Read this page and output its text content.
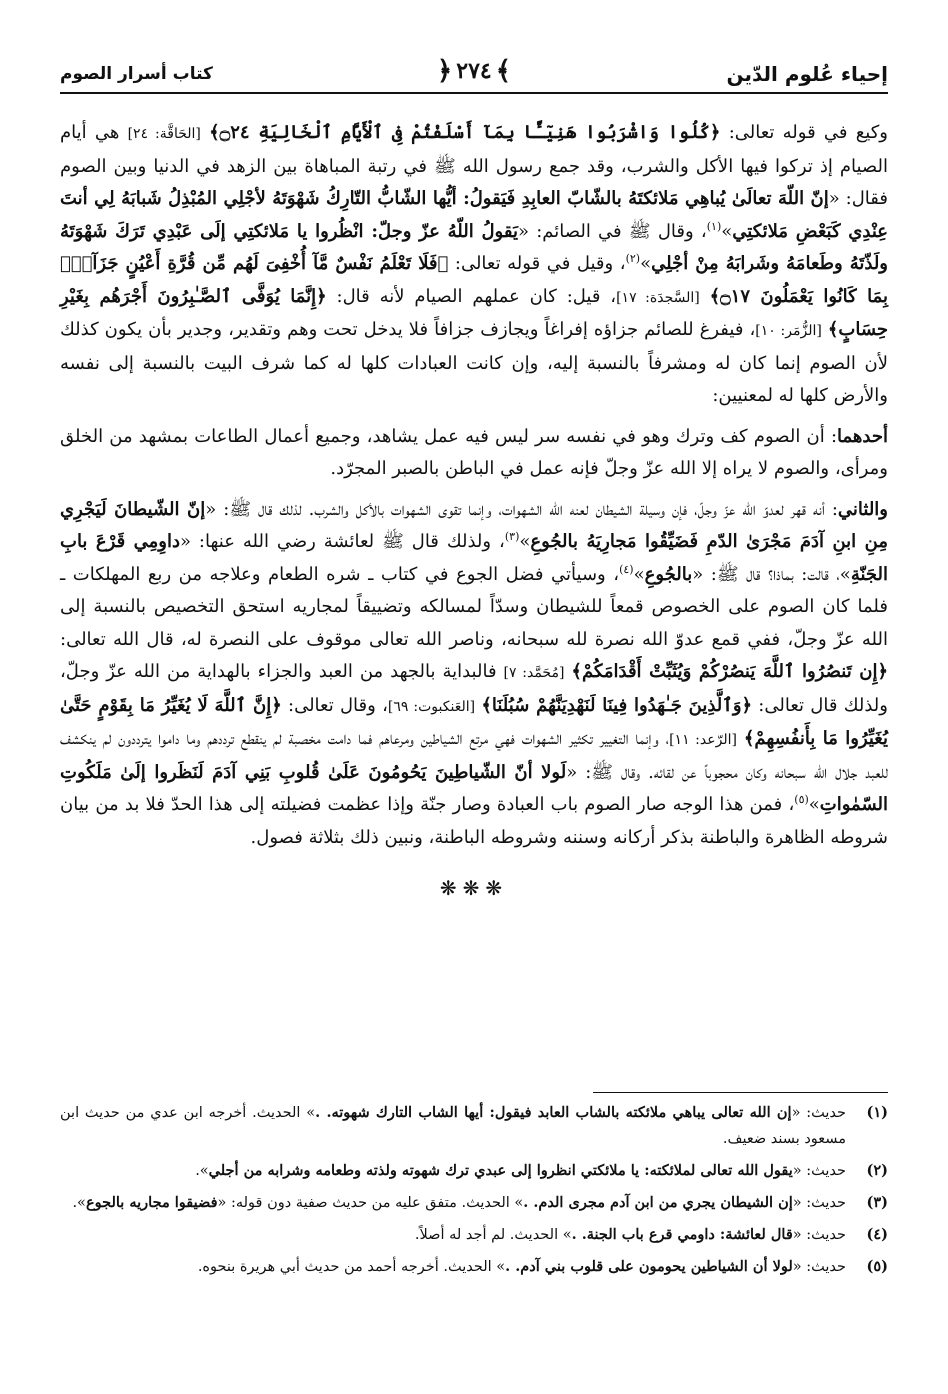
إحياء عُلوم الدّين
﴾
٢٧٤
﴿
كتاب أسرار الصوم

وكيع في قوله تعالى: ﴿كُلُوا وَاشْرَبُوا هَنِيٓـًٔا بِمَآ أَسْلَفْتُمْ فِى ٱلْأَيَّامِ ٱلْخَالِيَةِ ۝٢٤﴾ [الحَاقَّة: ٢٤] هي أيام الصيام إذ تركوا فيها الأكل والشرب، وقد جمع رسول الله ﷺ في رتبة المباهاة بين الزهد في الدنيا وبين الصوم فقال: «إنّ اللّهَ تعالَىٰ يُباهِي مَلائكتَهُ بالشّابّ العابِدِ فَيَقولُ: أيُّها الشّابُّ التّارِكُ شَهْوَتَهُ لأجْلِي المُبْذِلُ شَبابَهُ لِي أنتَ عِنْدِي كَبَعْضِ مَلائكتِي»$^{(١)}$، وقال ﷺ في الصائم: «يَقولُ اللّهُ عزّ وجلّ: انْظُروا يا مَلائكتِي إلَى عَبْدِي تَرَكَ شَهْوَتَهُ ولَذّتَهُ وطَعامَهُ وشَرابَهُ مِنْ أجْلِي»$^{(٢)}$، وقيل في قوله تعالى: ﴿فَلَا تَعْلَمُ نَفْسٌ مَّآ أُخْفِىَ لَهُم مِّن قُرَّةِ أَعْيُنٍ جَزَآءًۢ بِمَا كَانُوا يَعْمَلُونَ ۝١٧﴾ [السَّجدَة: ١٧]، قيل: كان عملهم الصيام لأنه قال: ﴿إِنَّمَا يُوَفَّى ٱلصَّـٰبِرُونَ أَجْرَهُم بِغَيْرِ حِسَابٍ﴾ [الزُّمَر: ١٠]، فيفرغ للصائم جزاؤه إفراغاً ويجازف جزافاً فلا يدخل تحت وهم وتقدير، وجدير بأن يكون كذلك لأن الصوم إنما كان له ومشرفاً بالنسبة إليه، وإن كانت العبادات كلها له كما شرف البيت بالنسبة إلى نفسه والأرض كلها له لمعنيين:

أحدهما: أن الصوم كف وترك وهو في نفسه سر ليس فيه عمل يشاهد، وجميع أعمال الطاعات بمشهد من الخلق ومرأى، والصوم لا يراه إلا الله عزّ وجلّ فإنه عمل في الباطن بالصبر المجرّد.

والثاني: أنه قهر لعدوّ الله عزّ وجلّ، فإن وسيلة الشيطان لعنه الله الشهوات، وإنما تقوى الشهوات بالأكل والشرب. لذلك قال ﷺ: «إنّ الشّيطانَ لَيَجْرِي مِنِ ابنِ آدَمَ مَجْرَىٰ الدّمِ فَضَيِّقُوا مَجارِيَهُ بالجُوعِ»$^{(٣)}$، ولذلك قال ﷺ لعائشة رضي الله عنها: «داوِمِي قَرْعَ بابِ الجَنّةِ»، قالت: بماذا؟ قال ﷺ: «بالجُوعِ»$^{(٤)}$، وسيأتي فضل الجوع في كتاب ـ شره الطعام وعلاجه من ربع المهلكات ـ فلما كان الصوم على الخصوص قمعاً للشيطان وسدّاً لمسالكه وتضييقاً لمجاريه استحق التخصيص بالنسبة إلى الله عزّ وجلّ، ففي قمع عدوّ الله نصرة لله سبحانه، وناصر الله تعالى موقوف على النصرة له، قال الله تعالى: ﴿إِن تَنصُرُوا ٱللَّهَ يَنصُرْكُمْ وَيُثَبِّتْ أَقْدَامَكُمْ﴾ [مُحَمَّد: ٧] فالبداية بالجهد من العبد والجزاء بالهداية من الله عزّ وجلّ، ولذلك قال تعالى: ﴿وَٱلَّذِينَ جَـٰهَدُوا فِينَا لَنَهْدِيَنَّهُمْ سُبُلَنَا﴾ [العَنكبوت: ٦٩]، وقال تعالى: ﴿إِنَّ ٱللَّهَ لَا يُغَيِّرُ مَا بِقَوْمٍ حَتَّىٰ يُغَيِّرُوا مَا بِأَنفُسِهِمْ﴾ [الرّعد: ١١]، وإنما التغيير تكثير الشهوات فهي مرتع الشياطين ومرعاهم فما دامت مخصبة لم ينقطع ترددهم وما داموا يترددون لم ينكشف للعبد جلال الله سبحانه وكان محجوباً عن لقائه. وقال ﷺ: «لَولا أنّ الشّياطِينَ يَحُومُونَ عَلَىٰ قُلوبِ بَنِي آدَمَ لَنَظَروا إلَىٰ مَلَكُوتِ السّمٰواتِ»$^{(٥)}$، فمن هذا الوجه صار الصوم باب العبادة وصار جنّة وإذا عظمت فضيلته إلى هذا الحدّ فلا بد من بيان شروطه الظاهرة والباطنة بذكر أركانه وسننه وشروطه الباطنة، ونبين ذلك بثلاثة فصول.

❋❋❋

(١)
حديث: «إن الله تعالى يباهي ملائكته بالشاب العابد فيقول: أيها الشاب التارك شهوته. .» الحديث. أخرجه ابن عدي من حديث ابن مسعود بسند ضعيف.
(٢)
حديث: «يقول الله تعالى لملائكته: يا ملائكتي انظروا إلى عبدي ترك شهوته ولذته وطعامه وشرابه من أجلي».
(٣)
حديث: «إن الشيطان يجري من ابن آدم مجرى الدم. .» الحديث. متفق عليه من حديث صفية دون قوله: «فضيقوا مجاريه بالجوع».
(٤)
حديث: «قال لعائشة: داومي قرع باب الجنة. .» الحديث. لم أجد له أصلاً.
(٥)
حديث: «لولا أن الشياطين يحومون على قلوب بني آدم. .» الحديث. أخرجه أحمد من حديث أبي هريرة بنحوه.
